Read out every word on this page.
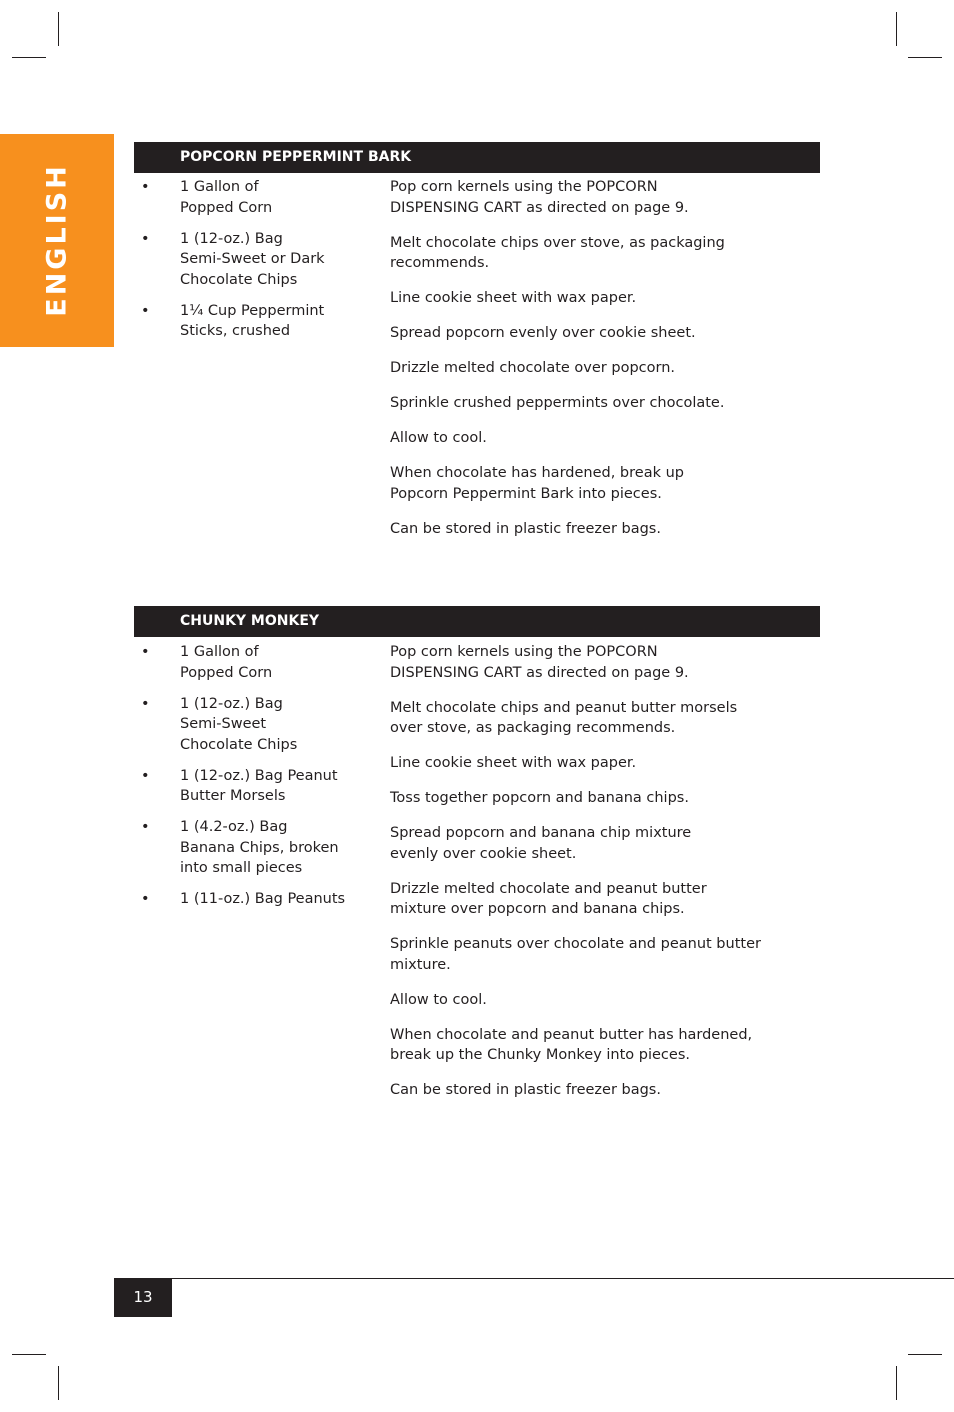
ENGLISH
POPCORN PEPPERMINT BARK
• 1 Gallon of
Popped Corn
• 1 (12-oz.) Bag
Semi-Sweet or Dark
Chocolate Chips
• 1¼ Cup Peppermint
Sticks, crushed
Pop corn kernels using the POPCORN
DISPENSING CART as directed on page 9.
Melt chocolate chips over stove, as packaging recommends.
Line cookie sheet with wax paper.
Spread popcorn evenly over cookie sheet.
Drizzle melted chocolate over popcorn.
Sprinkle crushed peppermints over chocolate.
Allow to cool.
When chocolate has hardened, break up
Popcorn Peppermint Bark into pieces.
Can be stored in plastic freezer bags.
CHUNKY MONKEY
• 1 Gallon of
Popped Corn
• 1 (12-oz.) Bag
Semi-Sweet
Chocolate Chips
• 1 (12-oz.) Bag Peanut
Butter Morsels
• 1 (4.2-oz.) Bag
Banana Chips, broken
into small pieces
• 1 (11-oz.) Bag Peanuts
Pop corn kernels using the POPCORN
DISPENSING CART as directed on page 9.
Melt chocolate chips and peanut butter morsels
over stove, as packaging recommends.
Line cookie sheet with wax paper.
Toss together popcorn and banana chips.
Spread popcorn and banana chip mixture
evenly over cookie sheet.
Drizzle melted chocolate and peanut butter
mixture over popcorn and banana chips.
Sprinkle peanuts over chocolate and peanut butter mixture.
Allow to cool.
When chocolate and peanut butter has hardened,
break up the Chunky Monkey into pieces.
Can be stored in plastic freezer bags.
13
